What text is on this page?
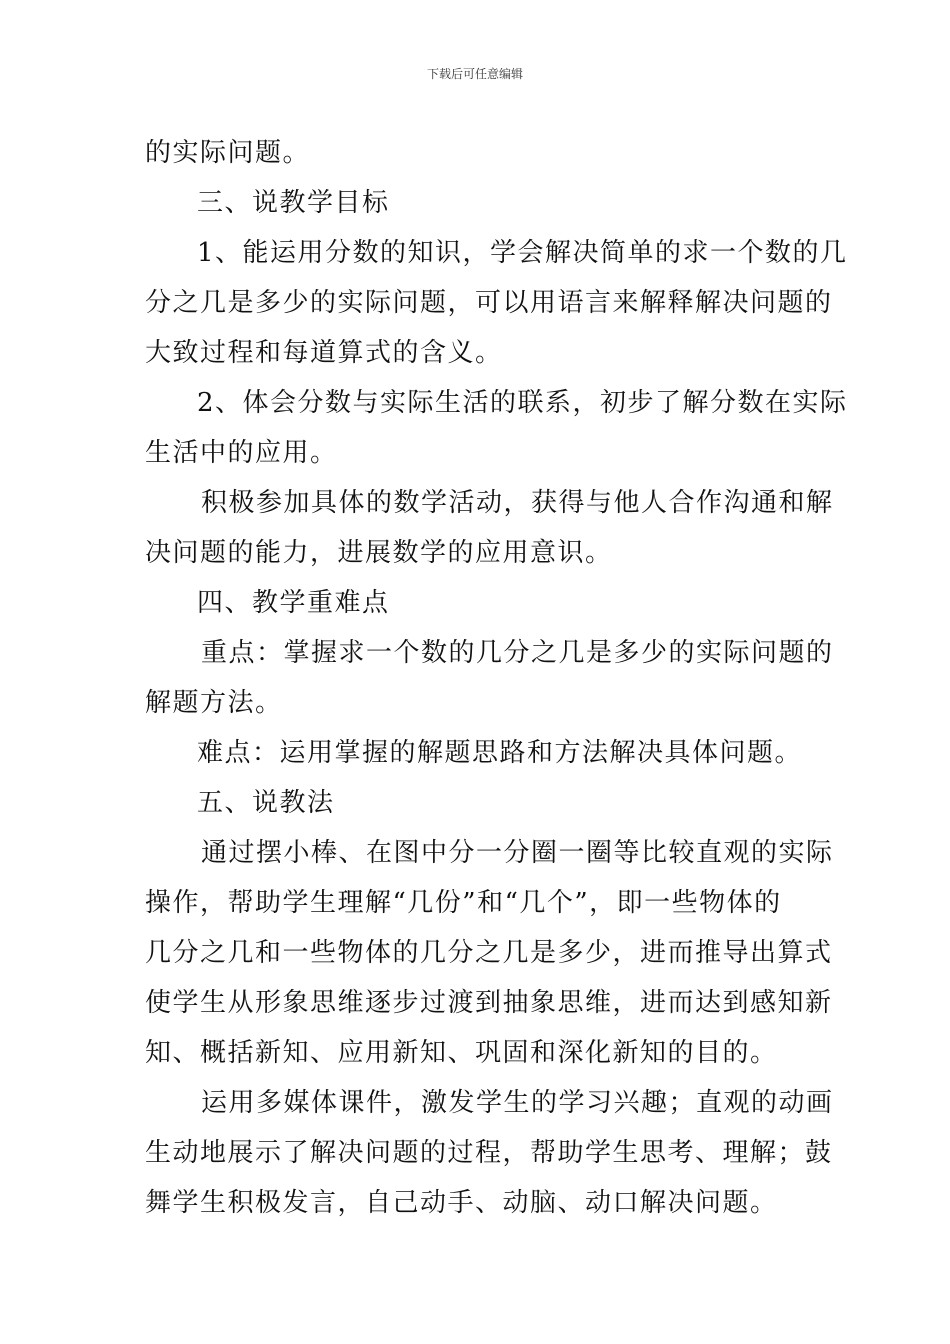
下载后可任意编辑

的实际问题。

三、说教学目标

1、能运用分数的知识，学会解决简单的求一个数的几

分之几是多少的实际问题，可以用语言来解释解决问题的

大致过程和每道算式的含义。

2、体会分数与实际生活的联系，初步了解分数在实际

生活中的应用。

积极参加具体的数学活动，获得与他人合作沟通和解

决问题的能力，进展数学的应用意识。

四、教学重难点

重点：掌握求一个数的几分之几是多少的实际问题的

解题方法。

难点：运用掌握的解题思路和方法解决具体问题。

五、说教法

通过摆小棒、在图中分一分圈一圈等比较直观的实际

操作，帮助学生理解“几份”和“几个”，即一些物体的

几分之几和一些物体的几分之几是多少，进而推导出算式

使学生从形象思维逐步过渡到抽象思维，进而达到感知新

知、概括新知、应用新知、巩固和深化新知的目的。

运用多媒体课件，激发学生的学习兴趣；直观的动画

生动地展示了解决问题的过程，帮助学生思考、理解；鼓

舞学生积极发言，自己动手、动脑、动口解决问题。
